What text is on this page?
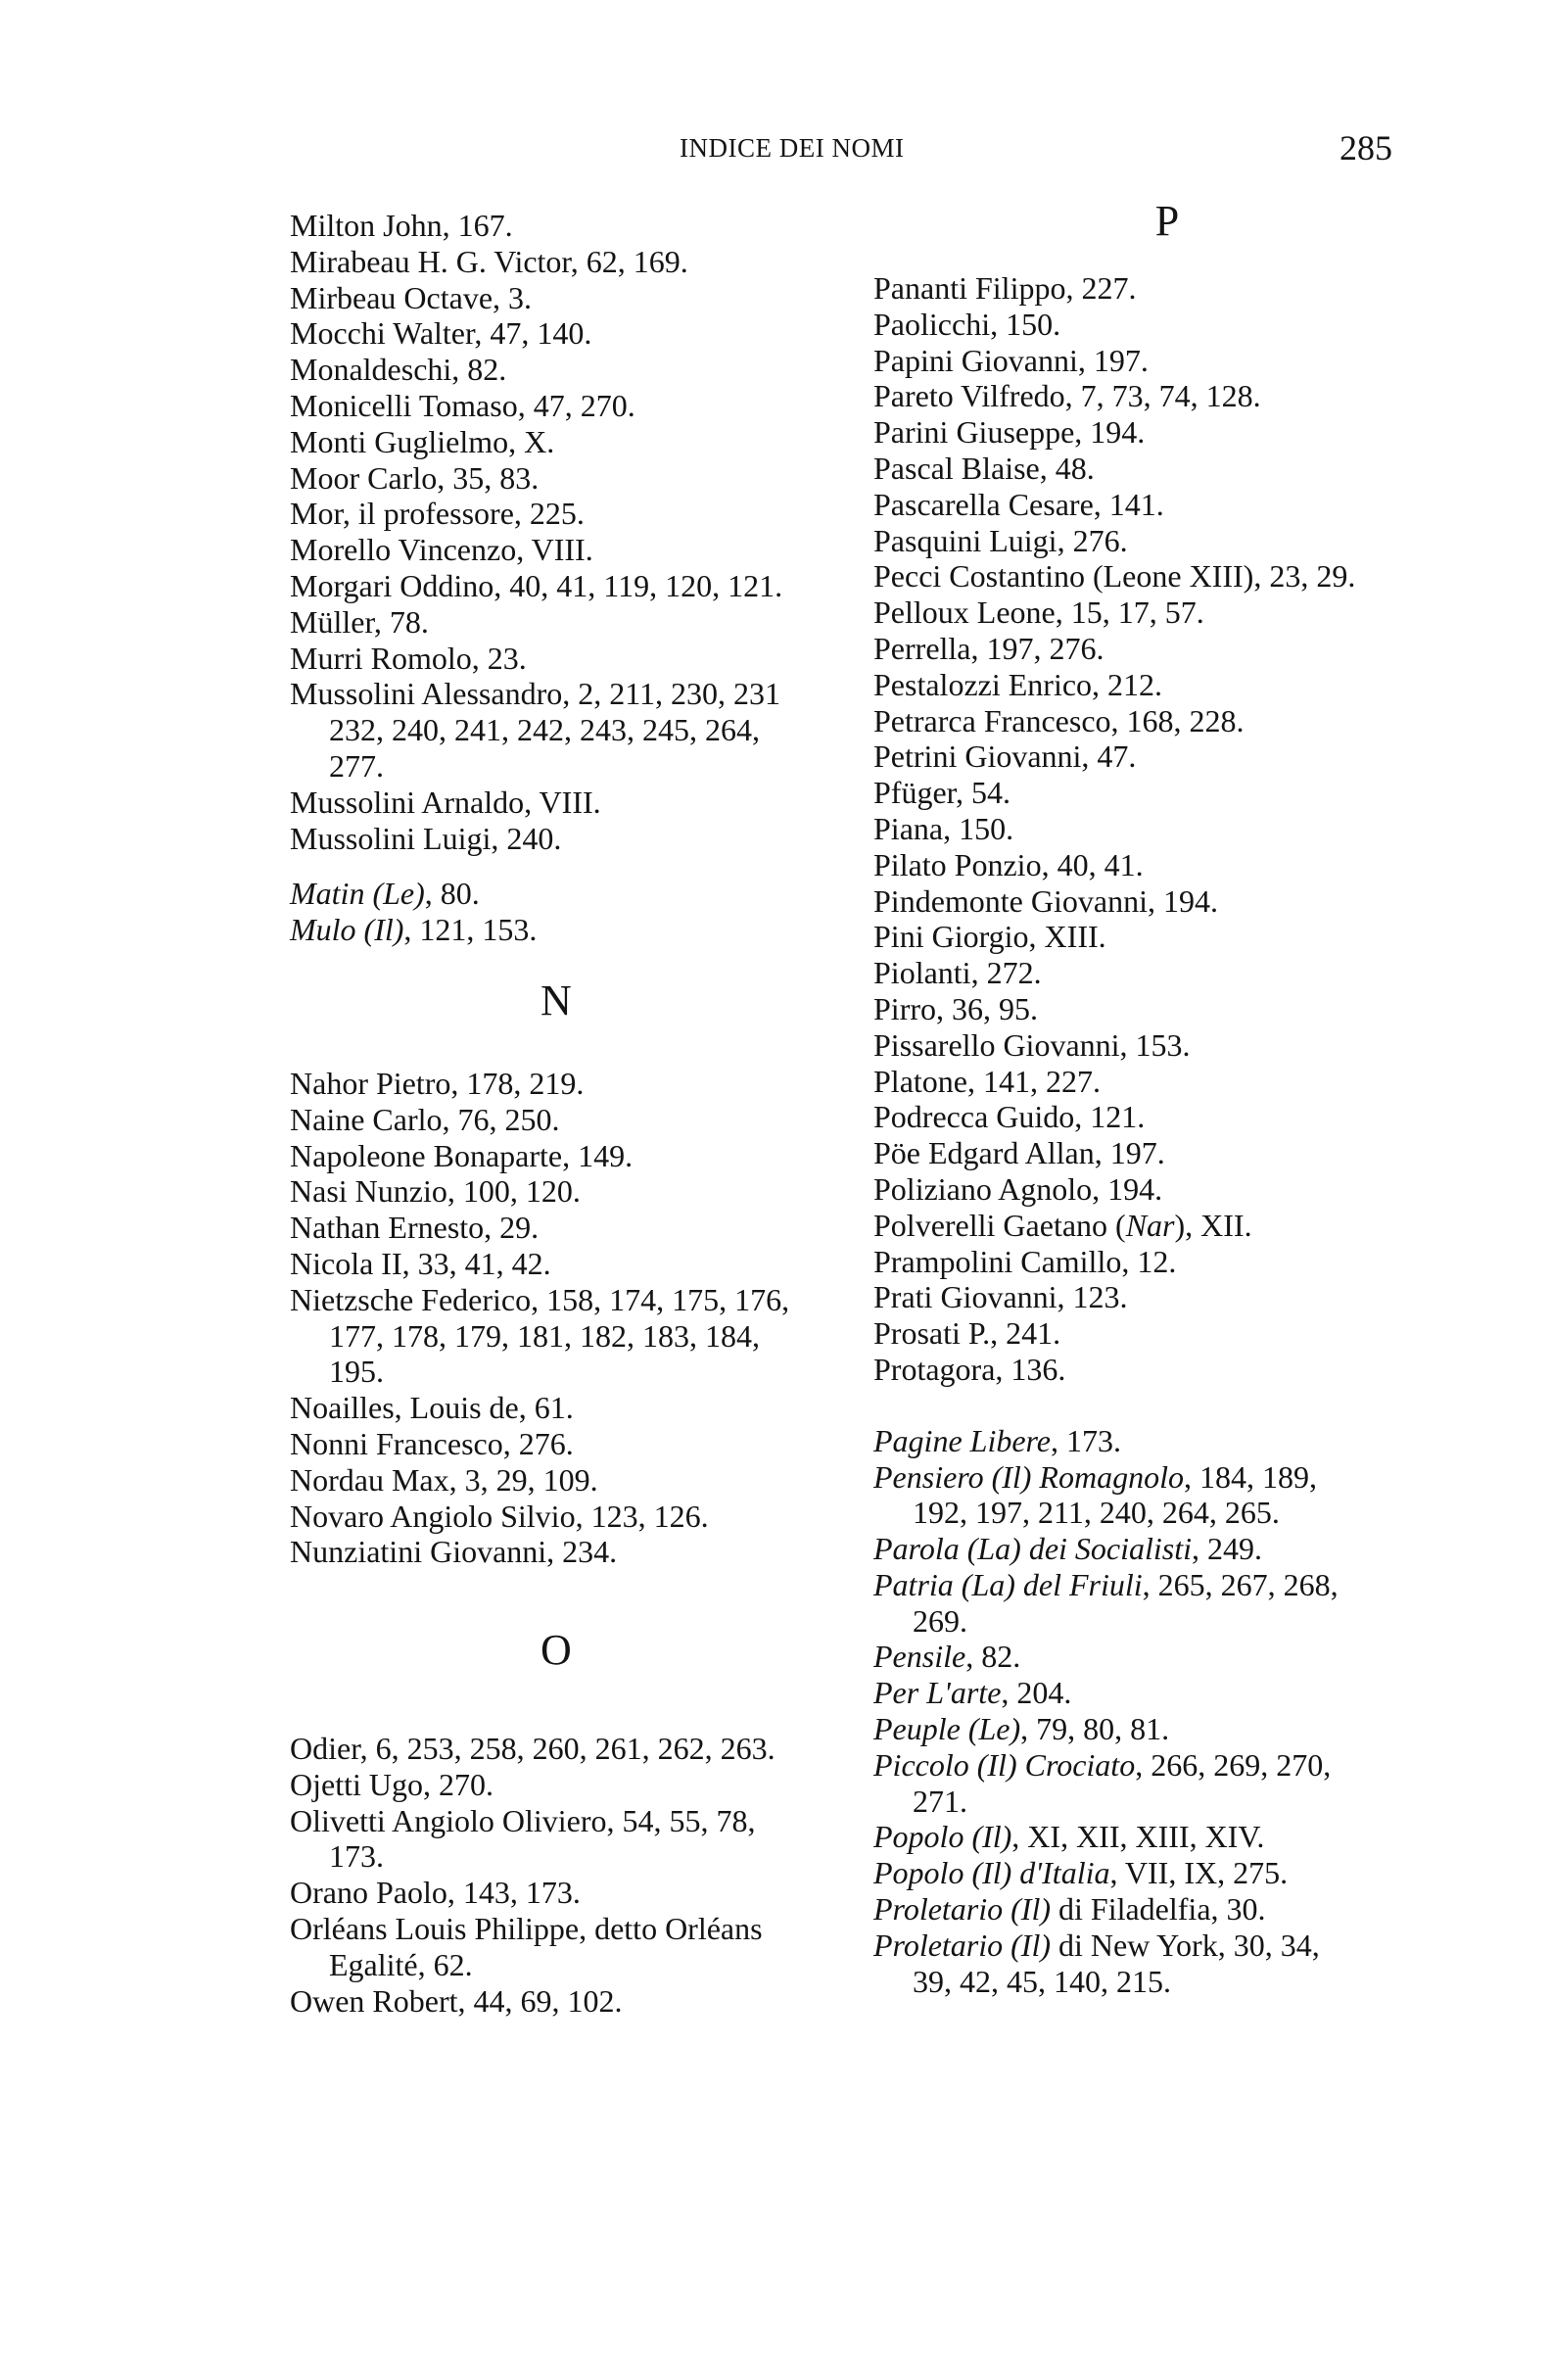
INDICE DEI NOMI	285
Milton John, 167.
Mirabeau H. G. Victor, 62, 169.
Mirbeau Octave, 3.
Mocchi Walter, 47, 140.
Monaldeschi, 82.
Monicelli Tomaso, 47, 270.
Monti Guglielmo, X.
Moor Carlo, 35, 83.
Mor, il professore, 225.
Morello Vincenzo, VIII.
Morgari Oddino, 40, 41, 119, 120, 121.
Müller, 78.
Murri Romolo, 23.
Mussolini Alessandro, 2, 211, 230, 231
232, 240, 241, 242, 243, 245, 264,
277.
Mussolini Arnaldo, VIII.
Mussolini Luigi, 240.
Matin (Le), 80.
Mulo (Il), 121, 153.
N
Nahor Pietro, 178, 219.
Naine Carlo, 76, 250.
Napoleone Bonaparte, 149.
Nasi Nunzio, 100, 120.
Nathan Ernesto, 29.
Nicola II, 33, 41, 42.
Nietzsche Federico, 158, 174, 175, 176,
177, 178, 179, 181, 182, 183, 184,
195.
Noailles, Louis de, 61.
Nonni Francesco, 276.
Nordau Max, 3, 29, 109.
Novaro Angiolo Silvio, 123, 126.
Nunziatini Giovanni, 234.
O
Odier, 6, 253, 258, 260, 261, 262, 263.
Ojetti Ugo, 270.
Olivetti Angiolo Oliviero, 54, 55, 78,
173.
Orano Paolo, 143, 173.
Orléans Louis Philippe, detto Orléans
Egalité, 62.
Owen Robert, 44, 69, 102.
P
Pananti Filippo, 227.
Paolicchi, 150.
Papini Giovanni, 197.
Pareto Vilfredo, 7, 73, 74, 128.
Parini Giuseppe, 194.
Pascal Blaise, 48.
Pascarella Cesare, 141.
Pasquini Luigi, 276.
Pecci Costantino (Leone XIII), 23, 29.
Pelloux Leone, 15, 17, 57.
Perrella, 197, 276.
Pestalozzi Enrico, 212.
Petrarca Francesco, 168, 228.
Petrini Giovanni, 47.
Pfüger, 54.
Piana, 150.
Pilato Ponzio, 40, 41.
Pindemonte Giovanni, 194.
Pini Giorgio, XIII.
Piolanti, 272.
Pirro, 36, 95.
Pissarello Giovanni, 153.
Platone, 141, 227.
Podrecca Guido, 121.
Pöe Edgard Allan, 197.
Poliziano Agnolo, 194.
Polverelli Gaetano (Nar), XII.
Prampolini Camillo, 12.
Prati Giovanni, 123.
Prosati P., 241.
Protagora, 136.
Pagine Libere, 173.
Pensiero (Il) Romagnolo, 184, 189,
192, 197, 211, 240, 264, 265.
Parola (La) dei Socialisti, 249.
Patria (La) del Friuli, 265, 267, 268,
269.
Pensile, 82.
Per L'arte, 204.
Peuple (Le), 79, 80, 81.
Piccolo (Il) Crociato, 266, 269, 270,
271.
Popolo (Il), XI, XII, XIII, XIV.
Popolo (Il) d'Italia, VII, IX, 275.
Proletario (Il) di Filadelfia, 30.
Proletario (Il) di New York, 30, 34,
39, 42, 45, 140, 215.
